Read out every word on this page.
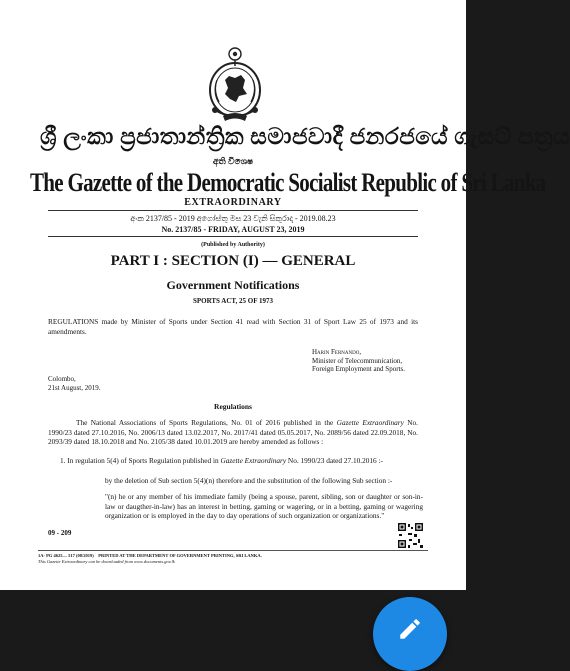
ශ්‍රී ලංකා ප්‍රජාතාන්ත්‍රික සමාජවාදී ජනරජයේ ගැසට් පත්‍රය
අති විශෙෂ
The Gazette of the Democratic Socialist Republic of Sri Lanka
EXTRAORDINARY
අංක 2137/85 - 2019 අගෝස්තු මස 23 වැනි සිකුරාදා - 2019.08.23
No. 2137/85 - FRIDAY, AUGUST 23, 2019
(Published by Authority)
PART I : SECTION (I) — GENERAL
Government Notifications
SPORTS ACT, 25 OF 1973
REGULATIONS made by Minister of Sports under Section 41 read with Section 31 of Sport Law 25 of 1973 and its amendments.
Harin Fernando,
Minister of Telecommunication,
Foreign Employment and Sports.
Colombo,
21st August, 2019.
Regulations
The National Associations of Sports Regulations, No. 01 of 2016 published in the Gazette Extraordinary No. 1990/23 dated 27.10.2016, No. 2006/13 dated 13.02.2017, No. 2017/41 dated 05.05.2017, No. 2089/56 dated 22.09.2018, No. 2093/39 dated 18.10.2018 and No. 2105/38 dated 10.01.2019 are hereby amended as follows :
1. In regulation 5(4) of Sports Regulation published in Gazette Extraordinary No. 1990/23 dated 27.10.2016 :-
by the deletion of Sub section 5(4)(n) therefore and the substitution of the following Sub section :-
"(n) he or any member of his immediate family (being a spouse, parent, sibling, son or daughter or son-in-law or daugther-in-law) has an interest in betting, gaming or wagering, or in a betting, gaming or wagering organization or is employed in the day to day operations of such organization or organizations."
09 - 209
1A- PG 4625— 517 (08/2019) PRINTED AT THE DEPARTMENT OF GOVERNMENT PRINTING, SRI LANKA.
This Gazette Extraordinary can be downloaded from www.documents.gov.lk
